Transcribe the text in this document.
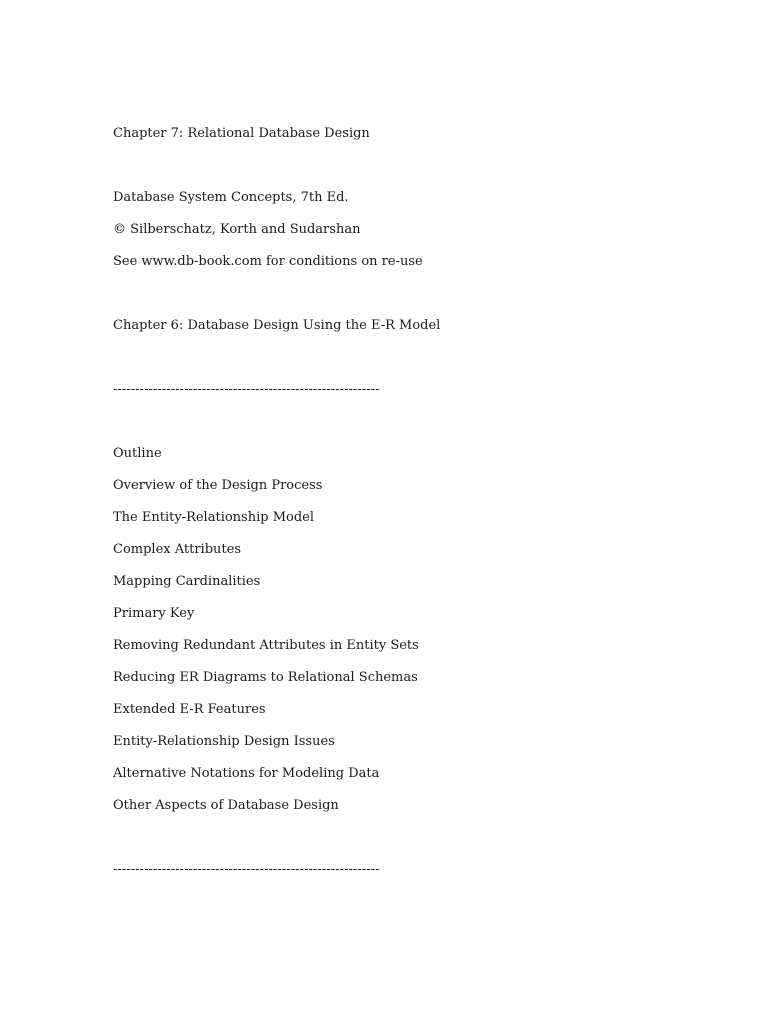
Chapter 7: Relational Database Design
Database System Concepts, 7th Ed.
© Silberschatz, Korth and Sudarshan
See www.db-book.com for conditions on re-use
Chapter 6: Database Design Using the E-R Model
------------------------------------------------------------
Outline
Overview of the Design Process
The Entity-Relationship Model
Complex Attributes
Mapping Cardinalities
Primary Key
Removing Redundant Attributes in Entity Sets
Reducing ER Diagrams to Relational Schemas
Extended E-R Features
Entity-Relationship Design Issues
Alternative Notations for Modeling Data
Other Aspects of Database Design
------------------------------------------------------------
